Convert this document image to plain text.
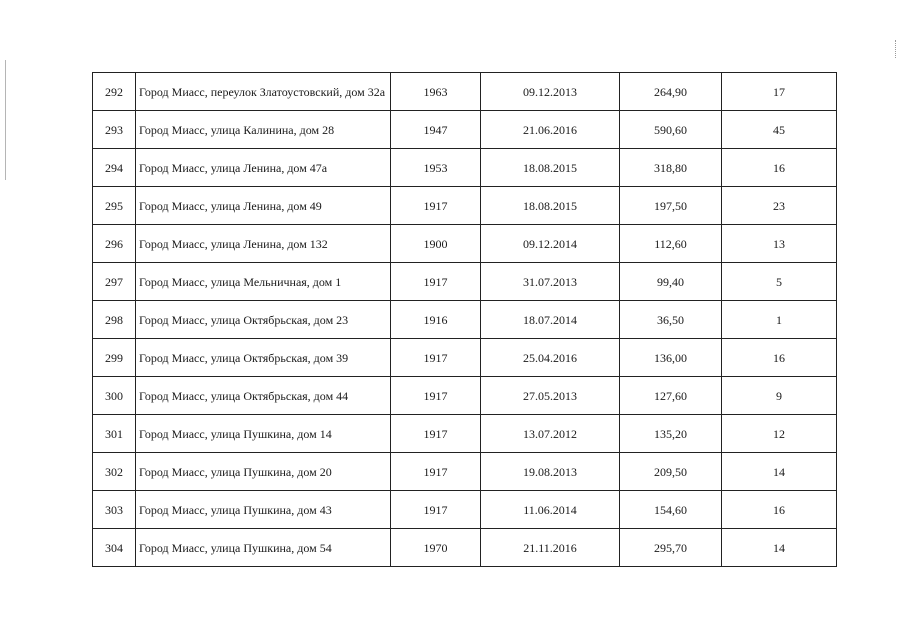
292	Город Миасс, переулок Златоустовский, дом 32а	1963	09.12.2013	264,90	17
293	Город Миасс, улица Калинина, дом 28	1947	21.06.2016	590,60	45
294	Город Миасс, улица Ленина, дом 47а	1953	18.08.2015	318,80	16
295	Город Миасс, улица Ленина, дом 49	1917	18.08.2015	197,50	23
296	Город Миасс, улица Ленина, дом 132	1900	09.12.2014	112,60	13
297	Город Миасс, улица Мельничная, дом 1	1917	31.07.2013	99,40	5
298	Город Миасс, улица Октябрьская, дом 23	1916	18.07.2014	36,50	1
299	Город Миасс, улица Октябрьская, дом 39	1917	25.04.2016	136,00	16
300	Город Миасс, улица Октябрьская, дом 44	1917	27.05.2013	127,60	9
301	Город Миасс, улица Пушкина, дом 14	1917	13.07.2012	135,20	12
302	Город Миасс, улица Пушкина, дом 20	1917	19.08.2013	209,50	14
303	Город Миасс, улица Пушкина, дом 43	1917	11.06.2014	154,60	16
304	Город Миасс, улица Пушкина, дом 54	1970	21.11.2016	295,70	14
